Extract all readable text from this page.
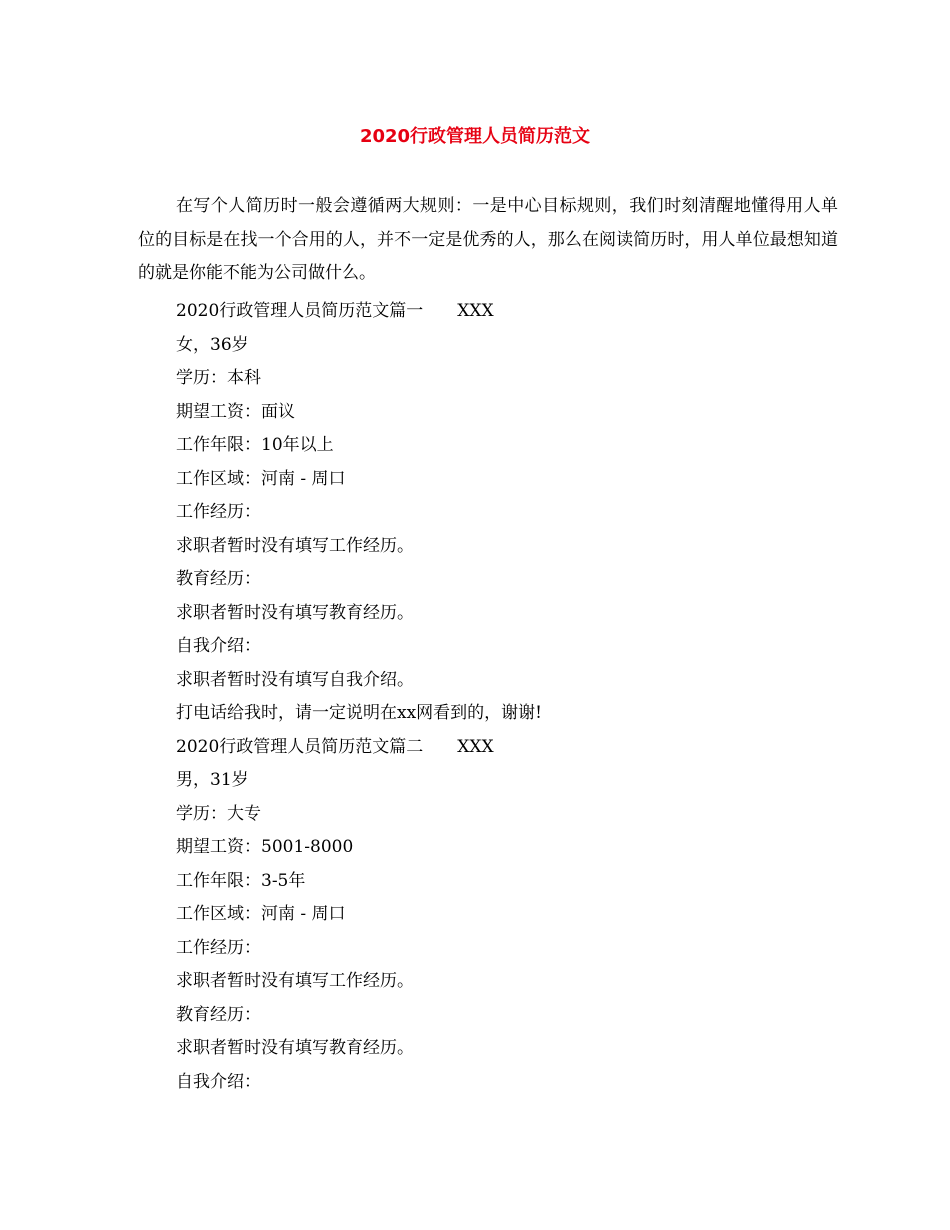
2020行政管理人员简历范文

在写个人简历时一般会遵循两大规则：一是中心目标规则，我们时刻清醒地懂得用人单位的目标是在找一个合用的人，并不一定是优秀的人，那么在阅读简历时，用人单位最想知道的就是你能不能为公司做什么。

2020行政管理人员简历范文篇一　　XXX
女，36岁
学历：本科
期望工资：面议
工作年限：10年以上
工作区域：河南 - 周口
工作经历：
求职者暂时没有填写工作经历。
教育经历：
求职者暂时没有填写教育经历。
自我介绍：
求职者暂时没有填写自我介绍。
打电话给我时，请一定说明在xx网看到的，谢谢!
2020行政管理人员简历范文篇二　　XXX
男，31岁
学历：大专
期望工资：5001-8000
工作年限：3-5年
工作区域：河南 - 周口
工作经历：
求职者暂时没有填写工作经历。
教育经历：
求职者暂时没有填写教育经历。
自我介绍：
